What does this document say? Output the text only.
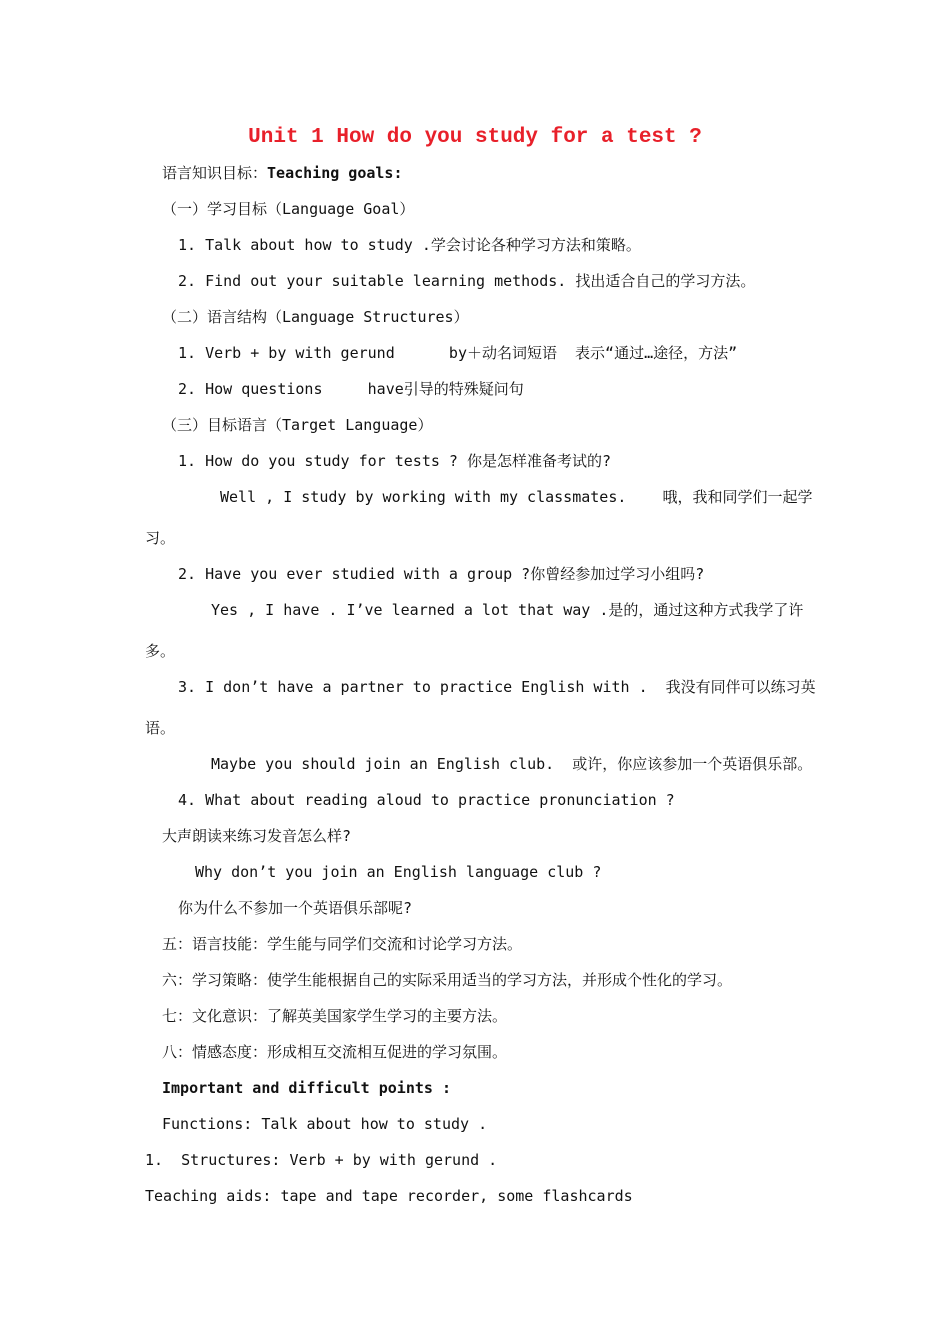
Unit 1 How do you study for a test ?
语言知识目标：Teaching goals:
（一）学习目标（Language Goal）
1. Talk about how to study .学会讨论各种学习方法和策略。
2. Find out your suitable learning methods. 找出适合自己的学习方法。
（二）语言结构（Language Structures）
1. Verb + by with gerund      by＋动名词短语  表示“通过…途径，方法”
2. How questions     have引导的特殊疑问句
（三）目标语言（Target Language）
1. How do you study for tests ? 你是怎样准备考试的?
Well , I study by working with my classmates.    哦，我和同学们一起学
习。
2. Have you ever studied with a group ?你曾经参加过学习小组吗?
Yes , I have . I’ve learned a lot that way .是的，通过这种方式我学了许
多。
3. I don’t have a partner to practice English with .  我没有同伴可以练习英
语。
Maybe you should join an English club.  或许，你应该参加一个英语俱乐部。
4. What about reading aloud to practice pronunciation ?
大声朗读来练习发音怎么样?
Why don’t you join an English language club ?
你为什么不参加一个英语俱乐部呢?
五：语言技能：学生能与同学们交流和讨论学习方法。
六：学习策略：使学生能根据自己的实际采用适当的学习方法，并形成个性化的学习。
七：文化意识：了解英美国家学生学习的主要方法。
八：情感态度：形成相互交流相互促进的学习氛围。
Important and difficult points :
Functions: Talk about how to study .
1.  Structures: Verb + by with gerund .
Teaching aids: tape and tape recorder, some flashcards
